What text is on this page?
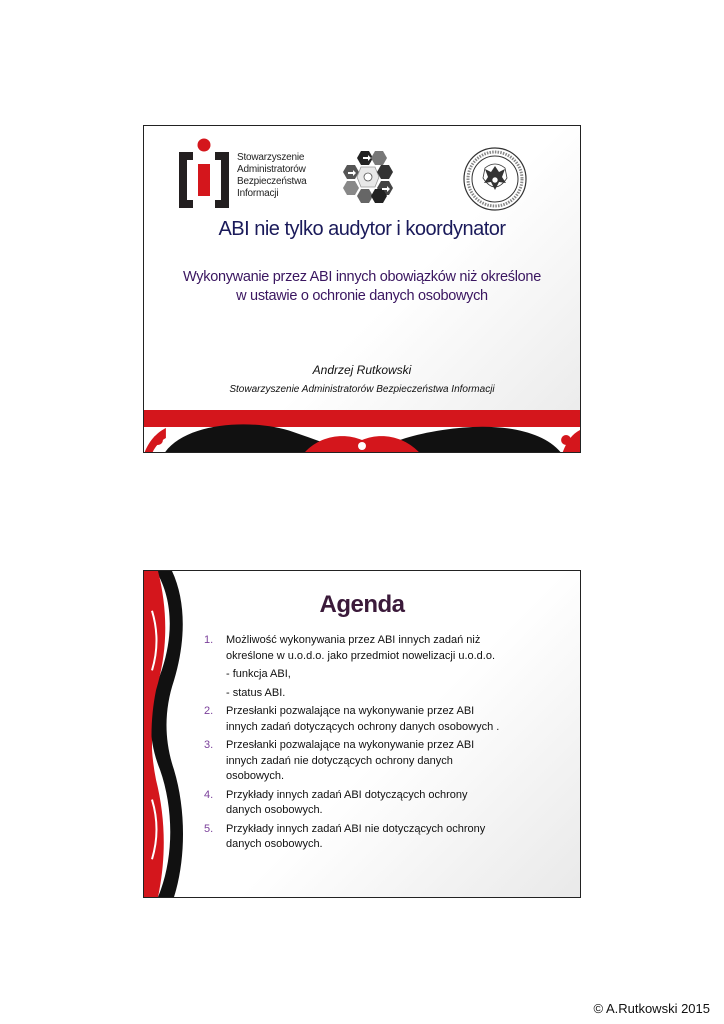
Stowarzyszenie
Administratorów
Bezpieczeństwa
Informacji
ABI nie tylko audytor i koordynator
Wykonywanie przez ABI innych obowiązków niż określone
w ustawie o ochronie danych osobowych
Andrzej Rutkowski
Stowarzyszenie Administratorów Bezpieczeństwa Informacji
Agenda
1. Możliwość wykonywania przez ABI innych zadań niż
określone w u.o.d.o. jako przedmiot nowelizacji u.o.d.o.
- funkcja ABI,
- status ABI.
2. Przesłanki pozwalające na wykonywanie przez ABI
innych zadań dotyczących ochrony danych osobowych .
3. Przesłanki pozwalające na wykonywanie przez ABI
innych zadań nie dotyczących ochrony danych
osobowych.
4. Przykłady innych zadań ABI dotyczących ochrony
danych osobowych.
5. Przykłady innych zadań ABI nie dotyczących ochrony
danych osobowych.
© A.Rutkowski 2015
